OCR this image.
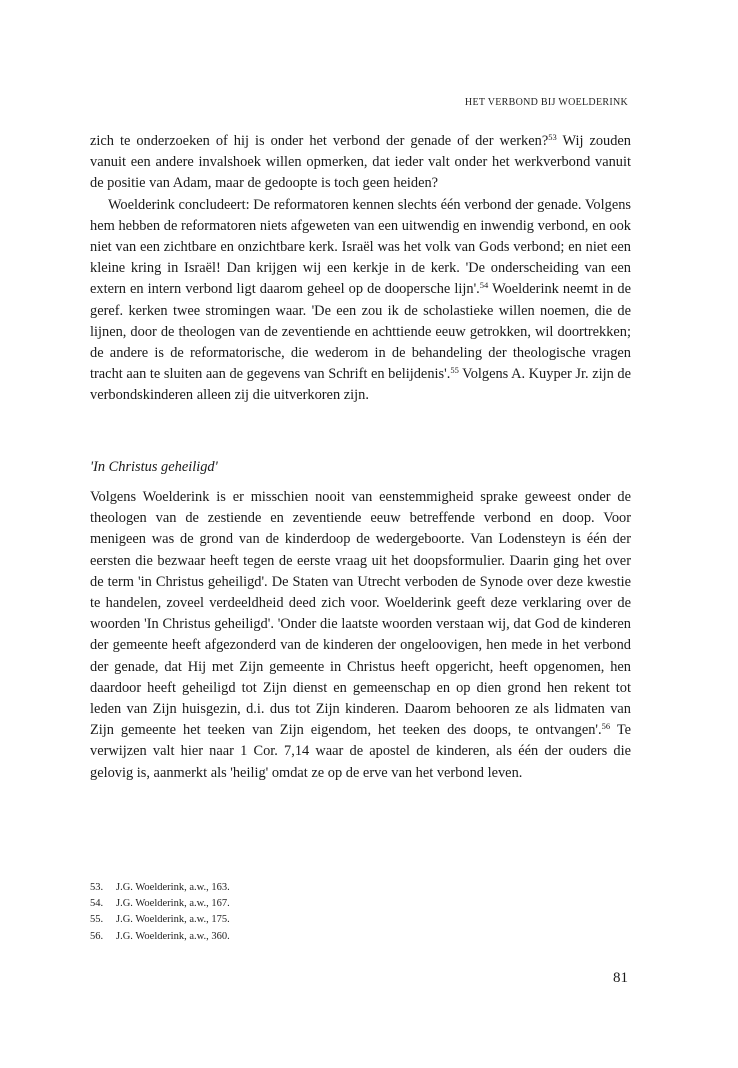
HET VERBOND BIJ WOELDERINK

zich te onderzoeken of hij is onder het verbond der genade of der werken?$^{53}$ Wij zouden vanuit een andere invalshoek willen opmerken, dat ieder valt onder het werkverbond vanuit de positie van Adam, maar de gedoopte is toch geen heiden?

Woelderink concludeert: De reformatoren kennen slechts één verbond der genade. Volgens hem hebben de reformatoren niets afgeweten van een uitwendig en inwendig verbond, en ook niet van een zichtbare en onzichtbare kerk. Israël was het volk van Gods verbond; en niet een kleine kring in Israël! Dan krijgen wij een kerkje in de kerk. 'De onderscheiding van een extern en intern verbond ligt daarom geheel op de doopersche lijn'.$^{54}$ Woelderink neemt in de geref. kerken twee stromingen waar. 'De een zou ik de scholastieke willen noemen, die de lijnen, door de theologen van de zeventiende en achttiende eeuw getrokken, wil doortrekken; de andere is de reformatorische, die wederom in de behandeling der theologische vragen tracht aan te sluiten aan de gegevens van Schrift en belijdenis'.$^{55}$ Volgens A. Kuyper Jr. zijn de verbondskinderen alleen zij die uitverkoren zijn.

'In Christus geheiligd'

Volgens Woelderink is er misschien nooit van eenstemmigheid sprake geweest onder de theologen van de zestiende en zeventiende eeuw betreffende verbond en doop. Voor menigeen was de grond van de kinderdoop de wedergeboorte. Van Lodensteyn is één der eersten die bezwaar heeft tegen de eerste vraag uit het doopsformulier. Daarin ging het over de term 'in Christus geheiligd'. De Staten van Utrecht verboden de Synode over deze kwestie te handelen, zoveel verdeeldheid deed zich voor. Woelderink geeft deze verklaring over de woorden 'In Christus geheiligd'. 'Onder die laatste woorden verstaan wij, dat God de kinderen der gemeente heeft afgezonderd van de kinderen der ongeloovigen, hen mede in het verbond der genade, dat Hij met Zijn gemeente in Christus heeft opgericht, heeft opgenomen, hen daardoor heeft geheiligd tot Zijn dienst en gemeenschap en op dien grond hen rekent tot leden van Zijn huisgezin, d.i. dus tot Zijn kinderen. Daarom behooren ze als lidmaten van Zijn gemeente het teeken van Zijn eigendom, het teeken des doops, te ontvangen'.$^{56}$ Te verwijzen valt hier naar 1 Cor. 7,14 waar de apostel de kinderen, als één der ouders die gelovig is, aanmerkt als 'heilig' omdat ze op de erve van het verbond leven.

53. J.G. Woelderink, a.w., 163.
54. J.G. Woelderink, a.w., 167.
55. J.G. Woelderink, a.w., 175.
56. J.G. Woelderink, a.w., 360.
81
